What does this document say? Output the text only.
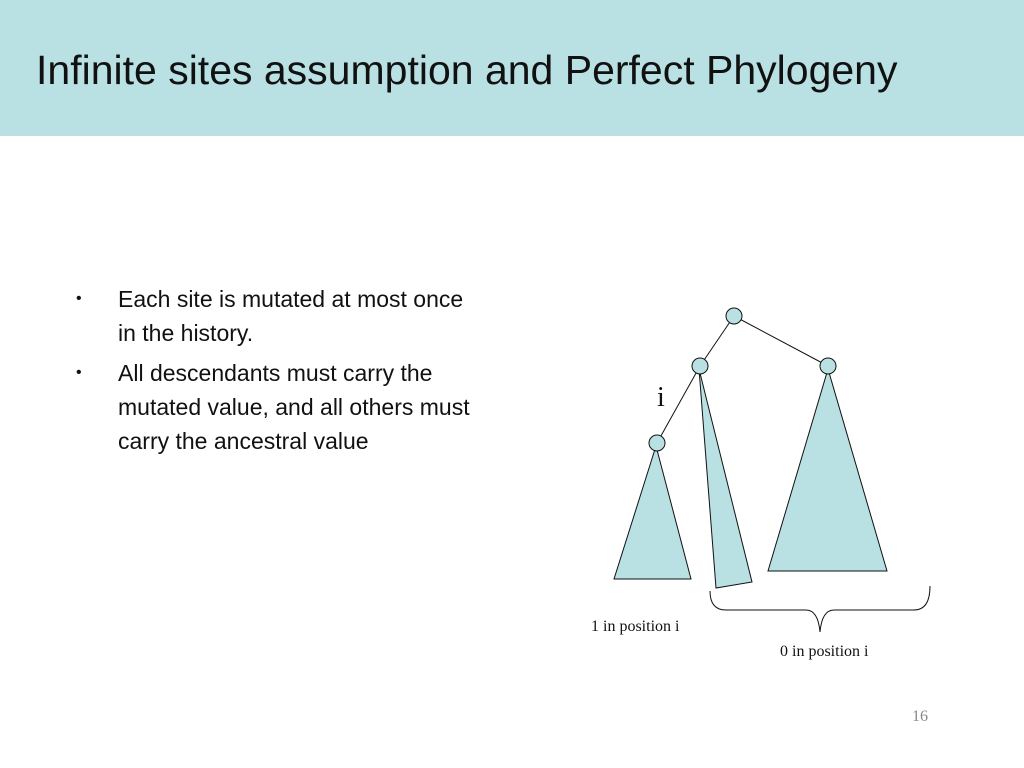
Infinite sites assumption and Perfect Phylogeny
• Each site is mutated at most once in the history.
• All descendants must carry the mutated value, and all others must carry the ancestral value
i
1 in position i
0 in position i
16
